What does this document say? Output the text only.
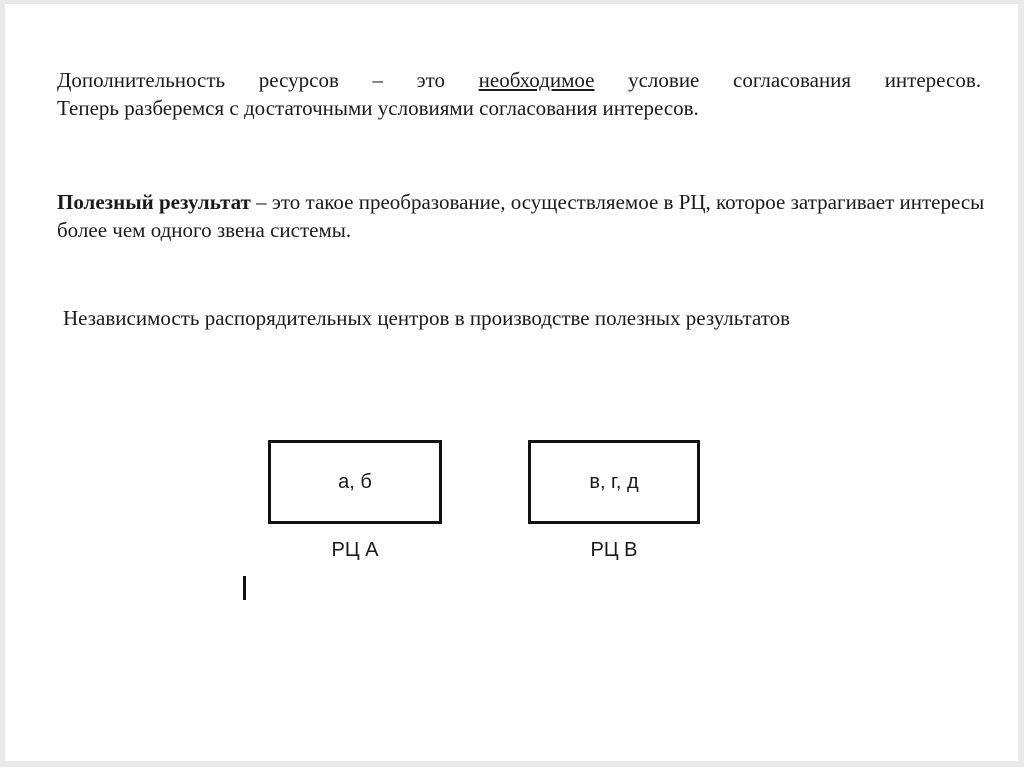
Дополнительность ресурсов – это необходимое условие согласования интересов.
Теперь разберемся с достаточными условиями согласования интересов.

Полезный результат – это такое преобразование, осуществляемое в РЦ, которое затрагивает интересы более чем одного звена системы.

Независимость распорядительных центров в производстве полезных результатов

а, б
РЦ А
в, г, д
РЦ В
